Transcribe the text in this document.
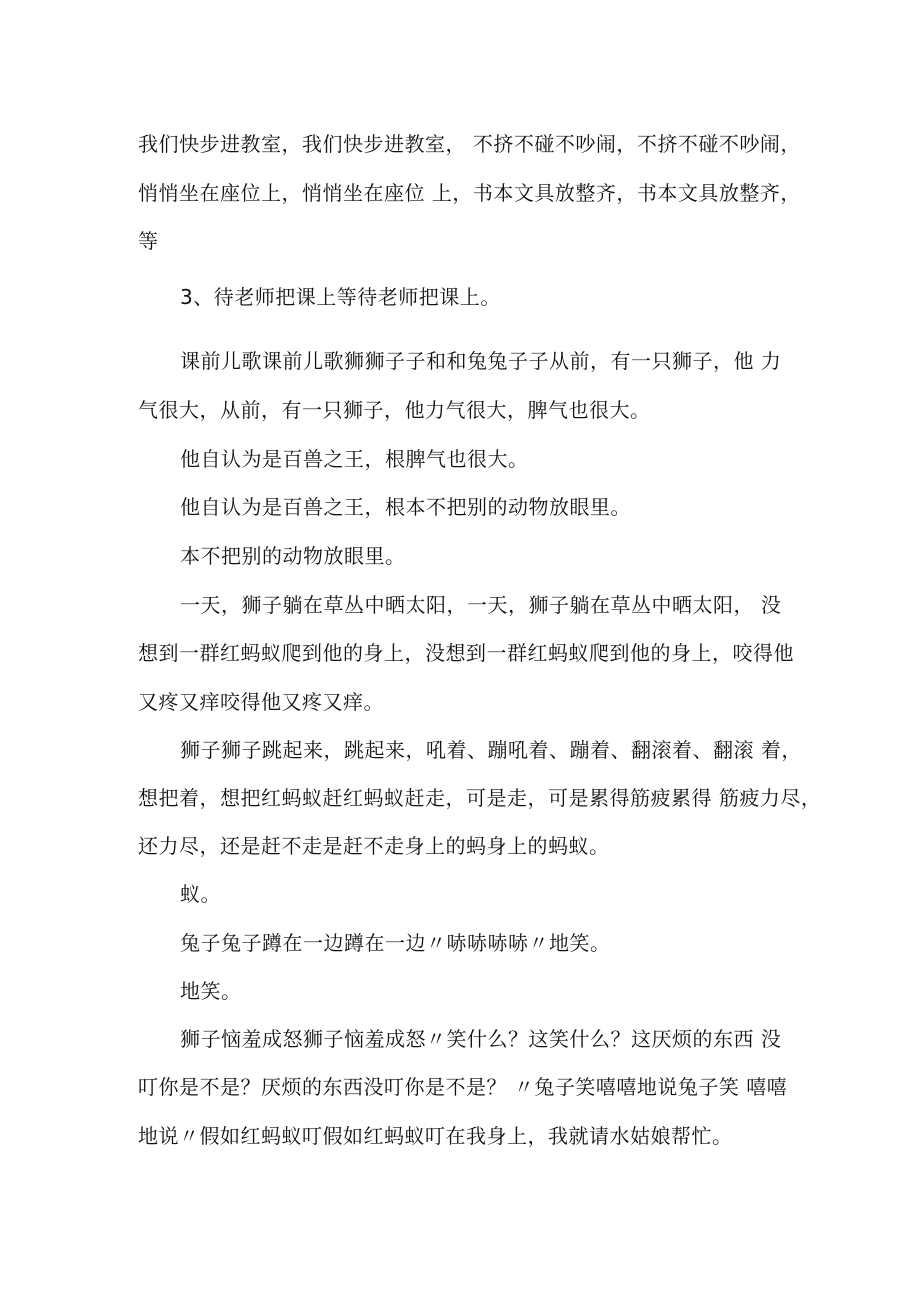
我们快步进教室，我们快步进教室， 不挤不碰不吵闹，不挤不碰不吵闹，
悄悄坐在座位上，悄悄坐在座位 上，书本文具放整齐，书本文具放整齐，
等
3、待老师把课上等待老师把课上。
课前儿歌课前儿歌狮狮子子和和兔兔子子从前，有一只狮子，他 力
气很大，从前，有一只狮子，他力气很大，脾气也很大。
他自认为是百兽之王，根脾气也很大。
他自认为是百兽之王，根本不把别的动物放眼里。
本不把别的动物放眼里。
一天，狮子躺在草丛中晒太阳，一天，狮子躺在草丛中晒太阳， 没
想到一群红蚂蚁爬到他的身上，没想到一群红蚂蚁爬到他的身上，咬得他
又疼又痒咬得他又疼又痒。
狮子狮子跳起来，跳起来，吼着、蹦吼着、蹦着、翻滚着、翻滚 着，
想把着，想把红蚂蚁赶红蚂蚁赶走，可是走，可是累得筋疲累得 筋疲力尽，
还力尽，还是赶不走是赶不走身上的蚂身上的蚂蚁。
蚁。
兔子兔子蹲在一边蹲在一边〃哧哧哧哧〃地笑。
地笑。
狮子恼羞成怒狮子恼羞成怒〃笑什么？这笑什么？这厌烦的东西 没
叮你是不是？厌烦的东西没叮你是不是？ 〃兔子笑嘻嘻地说兔子笑 嘻嘻
地说〃假如红蚂蚁叮假如红蚂蚁叮在我身上，我就请水姑娘帮忙。
